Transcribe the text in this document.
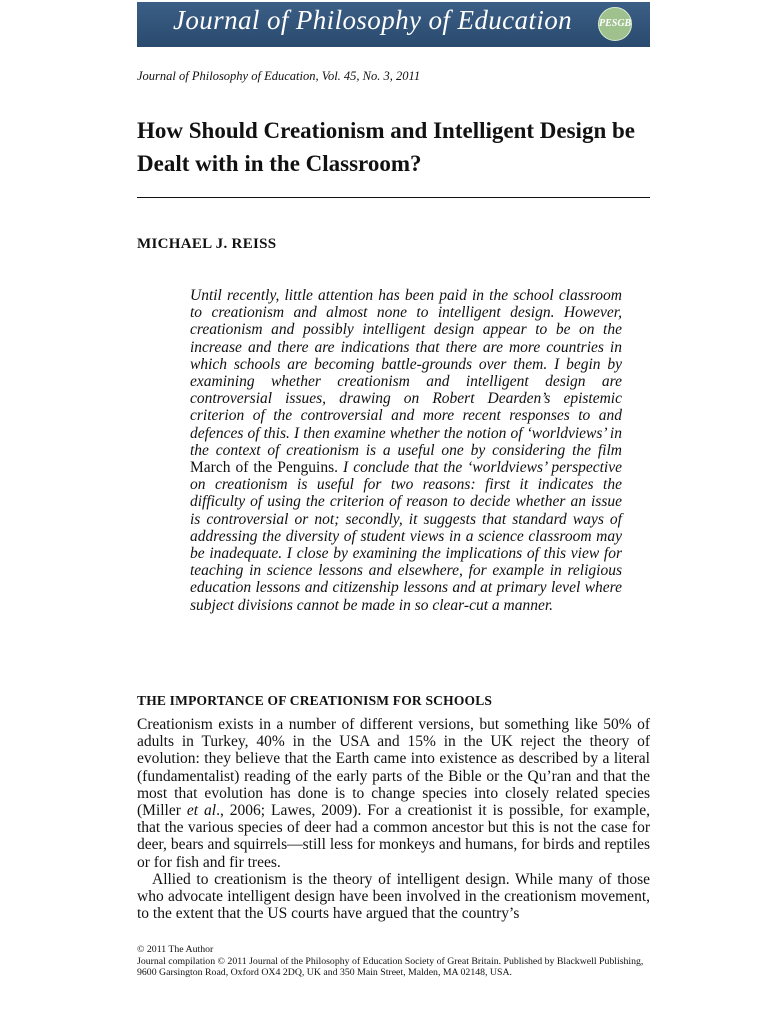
Journal of Philosophy of Education	PESGB
Journal of Philosophy of Education, Vol. 45, No. 3, 2011
How Should Creationism and Intelligent Design be Dealt with in the Classroom?
MICHAEL J. REISS
Until recently, little attention has been paid in the school classroom to creationism and almost none to intelligent design. However, creationism and possibly intelligent design appear to be on the increase and there are indications that there are more countries in which schools are becoming battle-grounds over them. I begin by examining whether creationism and intelligent design are controversial issues, drawing on Robert Dearden’s epistemic criterion of the controversial and more recent responses to and defences of this. I then examine whether the notion of ‘worldviews’ in the context of creationism is a useful one by considering the film March of the Penguins. I conclude that the ‘worldviews’ perspective on creationism is useful for two reasons: first it indicates the difficulty of using the criterion of reason to decide whether an issue is controversial or not; secondly, it suggests that standard ways of addressing the diversity of student views in a science classroom may be inadequate. I close by examining the implications of this view for teaching in science lessons and elsewhere, for example in religious education lessons and citizenship lessons and at primary level where subject divisions cannot be made in so clear-cut a manner.
THE IMPORTANCE OF CREATIONISM FOR SCHOOLS

Creationism exists in a number of different versions, but something like 50% of adults in Turkey, 40% in the USA and 15% in the UK reject the theory of evolution: they believe that the Earth came into existence as described by a literal (fundamentalist) reading of the early parts of the Bible or the Qu’ran and that the most that evolution has done is to change species into closely related species (Miller et al., 2006; Lawes, 2009). For a creationist it is possible, for example, that the various species of deer had a common ancestor but this is not the case for deer, bears and squirrels—still less for monkeys and humans, for birds and reptiles or for fish and fir trees.

Allied to creationism is the theory of intelligent design. While many of those who advocate intelligent design have been involved in the creationism movement, to the extent that the US courts have argued that the country’s

© 2011 The Author
Journal compilation © 2011 Journal of the Philosophy of Education Society of Great Britain. Published by Blackwell Publishing, 9600 Garsington Road, Oxford OX4 2DQ, UK and 350 Main Street, Malden, MA 02148, USA.
